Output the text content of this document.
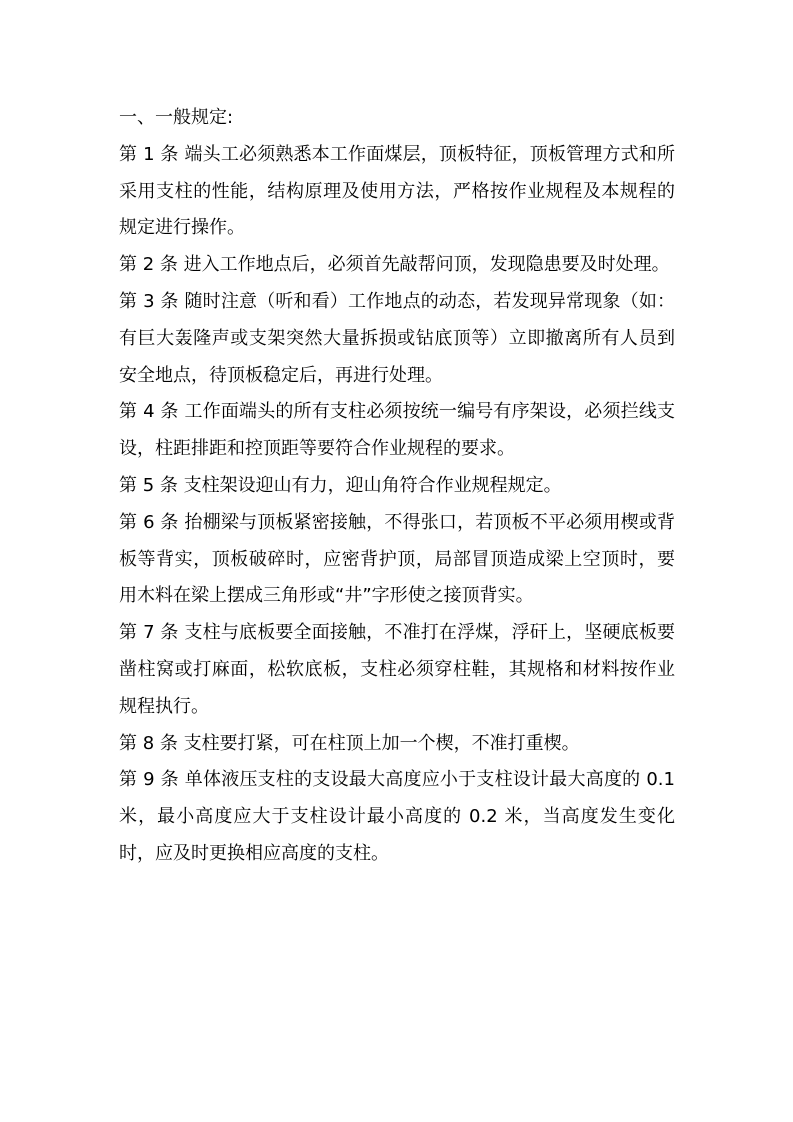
一、一般规定:

第 1 条 端头工必须熟悉本工作面煤层，顶板特征，顶板管理方式和所采用支柱的性能，结构原理及使用方法，严格按作业规程及本规程的规定进行操作。

第 2 条 进入工作地点后，必须首先敲帮问顶，发现隐患要及时处理。

第 3 条 随时注意（听和看）工作地点的动态，若发现异常现象（如：有巨大轰隆声或支架突然大量拆损或钻底顶等）立即撤离所有人员到安全地点，待顶板稳定后，再进行处理。

第 4 条 工作面端头的所有支柱必须按统一编号有序架设，必须拦线支设，柱距排距和控顶距等要符合作业规程的要求。

第 5 条 支柱架设迎山有力，迎山角符合作业规程规定。

第 6 条 抬棚梁与顶板紧密接触，不得张口，若顶板不平必须用楔或背板等背实，顶板破碎时，应密背护顶，局部冒顶造成梁上空顶时，要用木料在梁上摆成三角形或“井”字形使之接顶背实。

第 7 条 支柱与底板要全面接触，不准打在浮煤，浮矸上，坚硬底板要凿柱窝或打麻面，松软底板，支柱必须穿柱鞋，其规格和材料按作业规程执行。

第 8 条 支柱要打紧，可在柱顶上加一个楔，不准打重楔。

第 9 条 单体液压支柱的支设最大高度应小于支柱设计最大高度的 0.1 米，最小高度应大于支柱设计最小高度的 0.2 米，当高度发生变化时，应及时更换相应高度的支柱。
